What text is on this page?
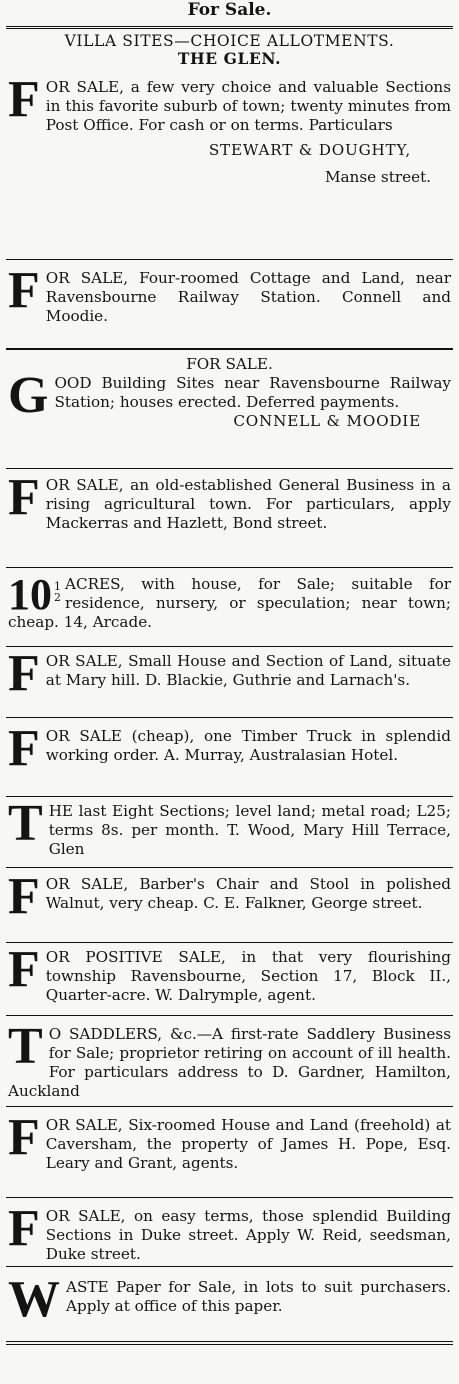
For Sale.
VILLA SITES—CHOICE ALLOTMENTS.
THE GLEN.

F OR SALE, a few very choice and valuable Sections in this favorite suburb of town; twenty minutes from Post Office. For cash or on terms. Particulars

STEWART & DOUGHTY,
Manse street.

F OR SALE, Four-roomed Cottage and Land, near Ravensbourne Railway Station. Connell and Moodie.

FOR SALE.

G OOD Building Sites near Ravensbourne Railway Station; houses erected. Deferred payments.

CONNELL & MOODIE

F OR SALE, an old-established General Business in a rising agricultural town. For particulars, apply Mackerras and Hazlett, Bond street.

10 1
2
ACRES, with house, for Sale; suitable for residence, nursery, or speculation; near town; cheap. 14, Arcade.

F OR SALE, Small House and Section of Land, situate at Mary hill. D. Blackie, Guthrie and Larnach's.

F OR SALE (cheap), one Timber Truck in splendid working order. A. Murray, Australasian Hotel.

T HE last Eight Sections; level land; metal road; L25; terms 8s. per month. T. Wood, Mary Hill Terrace, Glen

F OR SALE, Barber's Chair and Stool in polished Walnut, very cheap. C. E. Falkner, George street.

F OR POSITIVE SALE, in that very flourishing township Ravensbourne, Section 17, Block II., Quarter-acre. W. Dalrymple, agent.

T O SADDLERS, &c.—A first-rate Saddlery Business for Sale; proprietor retiring on account of ill health. For particulars address to D. Gardner, Hamilton, Auckland

F OR SALE, Six-roomed House and Land (freehold) at Caversham, the property of James H. Pope, Esq. Leary and Grant, agents.

F OR SALE, on easy terms, those splendid Building Sections in Duke street. Apply W. Reid, seedsman, Duke street.

W ASTE Paper for Sale, in lots to suit purchasers. Apply at office of this paper.
